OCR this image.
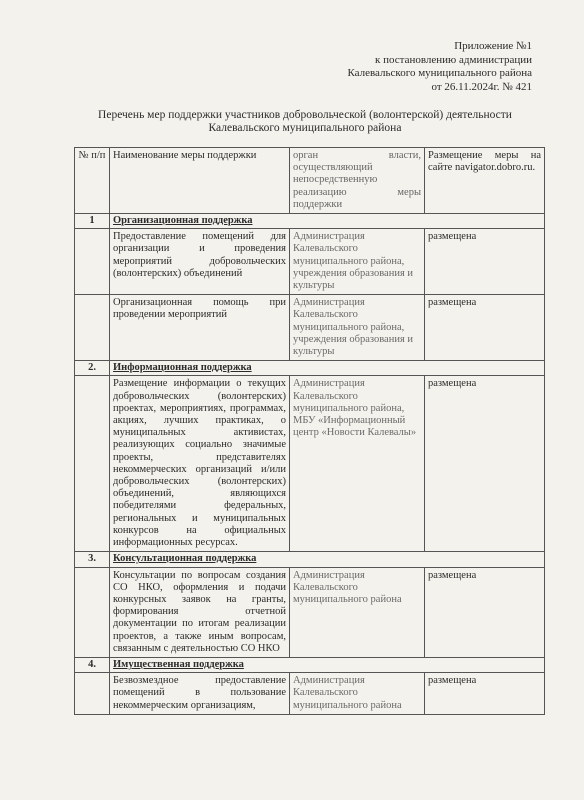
Приложение №1
к постановлению администрации
Калевальского муниципального района
от 26.11.2024г. № 421
Перечень мер поддержки участников добровольческой (волонтерской) деятельности
Калевальского муниципального района
№ п/п	Наименование меры поддержки	орган власти, осуществляющий непосредственную реализацию меры поддержки	Размещение меры на сайте navigator.dobro.ru.
1	Организационная поддержка		
	Предоставление помещений для организации и проведения мероприятий добровольческих (волонтерских) объединений	Администрация Калевальского муниципального района, учреждения образования и культуры	размещена
	Организационная помощь при проведении мероприятий	Администрация Калевальского муниципального района, учреждения образования и культуры	размещена
2.	Информационная поддержка		
	Размещение информации о текущих добровольческих (волонтерских) проектах, мероприятиях, программах, акциях, лучших практиках, о муниципальных активистах, реализующих социально значимые проекты, представителях некоммерческих организаций и/или добровольческих (волонтерских) объединений, являющихся победителями федеральных, региональных и муниципальных конкурсов на официальных информационных ресурсах.	Администрация Калевальского муниципального района, МБУ «Информационный центр «Новости Калевалы»	размещена
3.	Консультационная поддержка		
	Консультации по вопросам создания СО НКО, оформления и подачи конкурсных заявок на гранты, формирования отчетной документации по итогам реализации проектов, а также иным вопросам, связанным с деятельностью СО НКО	Администрация Калевальского муниципального района	размещена
4.	Имущественная поддержка		
	Безвозмездное предоставление помещений в пользование некоммерческим организациям,	Администрация Калевальского муниципального района	размещена
